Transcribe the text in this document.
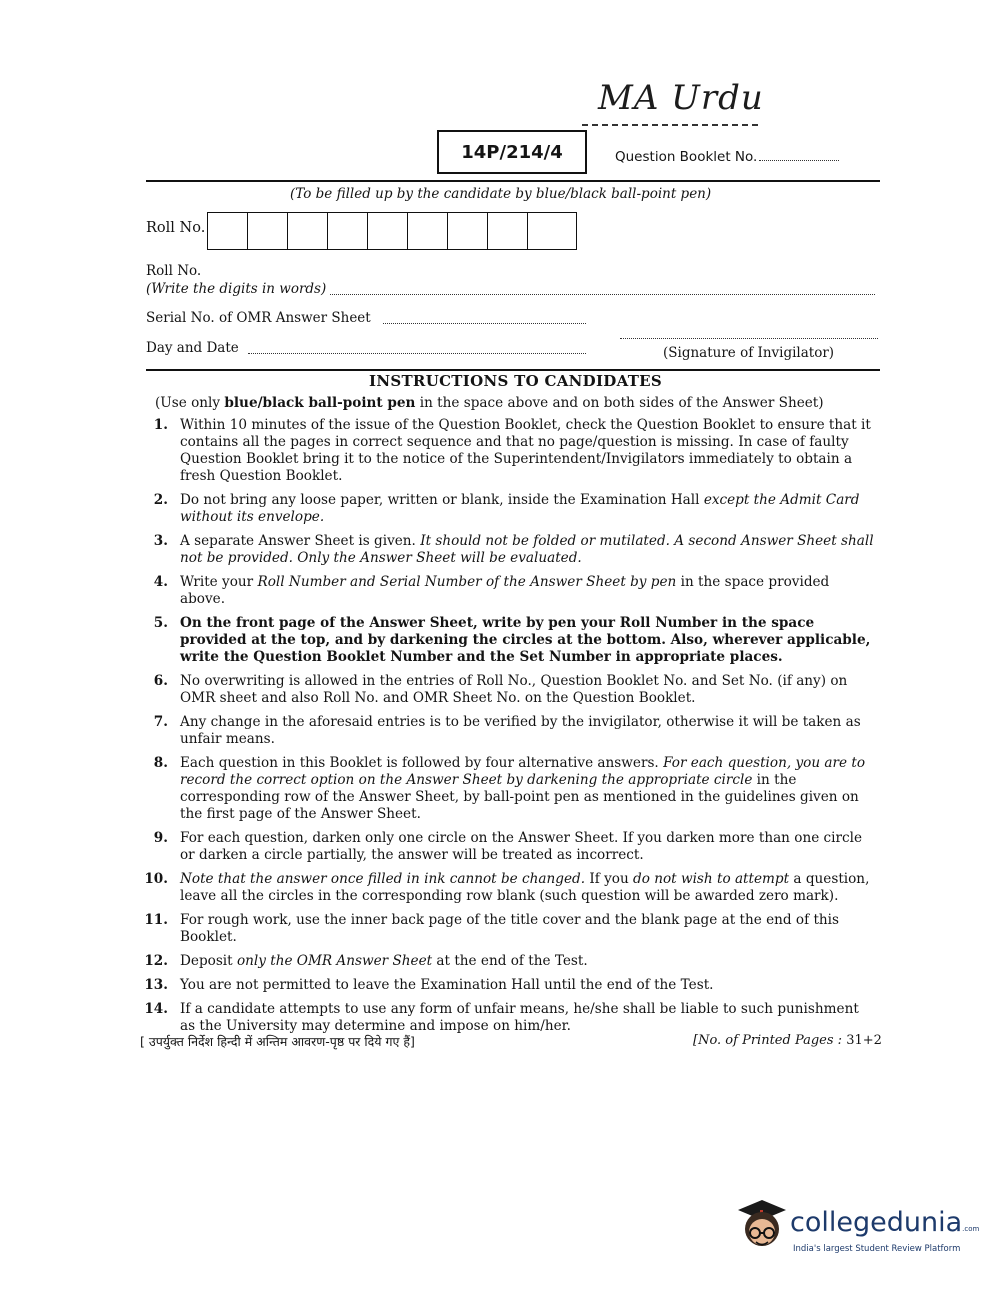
MA Urdu
14P/214/4	Question Booklet No.
(To be filled up by the candidate by blue/black ball-point pen)
Roll No.
Roll No.
(Write the digits in words)
Serial No. of OMR Answer Sheet
Day and Date	(Signature of Invigilator)
INSTRUCTIONS TO CANDIDATES
(Use only blue/black ball-point pen in the space above and on both sides of the Answer Sheet)
1. Within 10 minutes of the issue of the Question Booklet, check the Question Booklet to ensure that it contains all the pages in correct sequence and that no page/question is missing. In case of faulty Question Booklet bring it to the notice of the Superintendent/Invigilators immediately to obtain a fresh Question Booklet.
2. Do not bring any loose paper, written or blank, inside the Examination Hall except the Admit Card without its envelope.
3. A separate Answer Sheet is given. It should not be folded or mutilated. A second Answer Sheet shall not be provided. Only the Answer Sheet will be evaluated.
4. Write your Roll Number and Serial Number of the Answer Sheet by pen in the space provided above.
5. On the front page of the Answer Sheet, write by pen your Roll Number in the space provided at the top, and by darkening the circles at the bottom. Also, wherever applicable, write the Question Booklet Number and the Set Number in appropriate places.
6. No overwriting is allowed in the entries of Roll No., Question Booklet No. and Set No. (if any) on OMR sheet and also Roll No. and OMR Sheet No. on the Question Booklet.
7. Any change in the aforesaid entries is to be verified by the invigilator, otherwise it will be taken as unfair means.
8. Each question in this Booklet is followed by four alternative answers. For each question, you are to record the correct option on the Answer Sheet by darkening the appropriate circle in the corresponding row of the Answer Sheet, by ball-point pen as mentioned in the guidelines given on the first page of the Answer Sheet.
9. For each question, darken only one circle on the Answer Sheet. If you darken more than one circle or darken a circle partially, the answer will be treated as incorrect.
10. Note that the answer once filled in ink cannot be changed. If you do not wish to attempt a question, leave all the circles in the corresponding row blank (such question will be awarded zero mark).
11. For rough work, use the inner back page of the title cover and the blank page at the end of this Booklet.
12. Deposit only the OMR Answer Sheet at the end of the Test.
13. You are not permitted to leave the Examination Hall until the end of the Test.
14. If a candidate attempts to use any form of unfair means, he/she shall be liable to such punishment as the University may determine and impose on him/her.
[ उपर्युक्त निर्देश हिन्दी में अन्तिम आवरण-पृष्ठ पर दिये गए हैं]	[No. of Printed Pages : 31+2
collegedunia.com
India's largest Student Review Platform
